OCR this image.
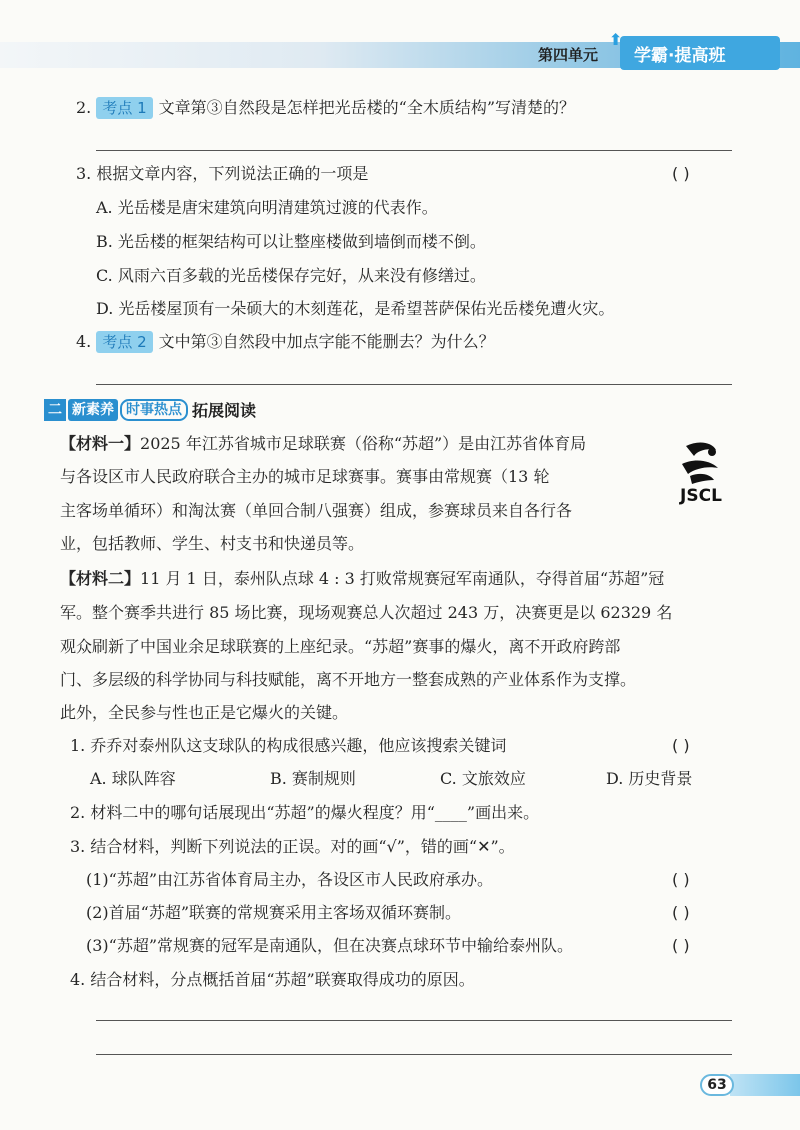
第四单元
⬆
学霸·提高班
2. 考点 1 文章第③自然段是怎样把光岳楼的“全木质结构”写清楚的？
3. 根据文章内容，下列说法正确的一项是	( )
A. 光岳楼是唐宋建筑向明清建筑过渡的代表作。
B. 光岳楼的框架结构可以让整座楼做到墙倒而楼不倒。
C. 风雨六百多载的光岳楼保存完好，从来没有修缮过。
D. 光岳楼屋顶有一朵硕大的木刻莲花，是希望菩萨保佑光岳楼免遭火灾。
4. 考点 2 文中第③自然段中加点字能不能删去？为什么？
二 新素养 时事热点 拓展阅读
【材料一】2025 年江苏省城市足球联赛（俗称“苏超”）是由江苏省体育局
与各设区市人民政府联合主办的城市足球赛事。赛事由常规赛（13 轮
主客场单循环）和淘汰赛（单回合制八强赛）组成，参赛球员来自各行各
业，包括教师、学生、村支书和快递员等。
JSCL
【材料二】11 月 1 日，泰州队点球 4 : 3 打败常规赛冠军南通队，夺得首届“苏超”冠
军。整个赛季共进行 85 场比赛，现场观赛总人次超过 243 万，决赛更是以 62329 名
观众刷新了中国业余足球联赛的上座纪录。“苏超”赛事的爆火，离不开政府跨部
门、多层级的科学协同与科技赋能，离不开地方一整套成熟的产业体系作为支撑。
此外，全民参与性也正是它爆火的关键。
1. 乔乔对泰州队这支球队的构成很感兴趣，他应该搜索关键词	( )
A. 球队阵容	B. 赛制规则	C. 文旅效应	D. 历史背景
2. 材料二中的哪句话展现出“苏超”的爆火程度？用“____”画出来。
3. 结合材料，判断下列说法的正误。对的画“√”，错的画“✕”。
(1)“苏超”由江苏省体育局主办，各设区市人民政府承办。	( )
(2)首届“苏超”联赛的常规赛采用主客场双循环赛制。	( )
(3)“苏超”常规赛的冠军是南通队，但在决赛点球环节中输给泰州队。	( )
4. 结合材料，分点概括首届“苏超”联赛取得成功的原因。
63
